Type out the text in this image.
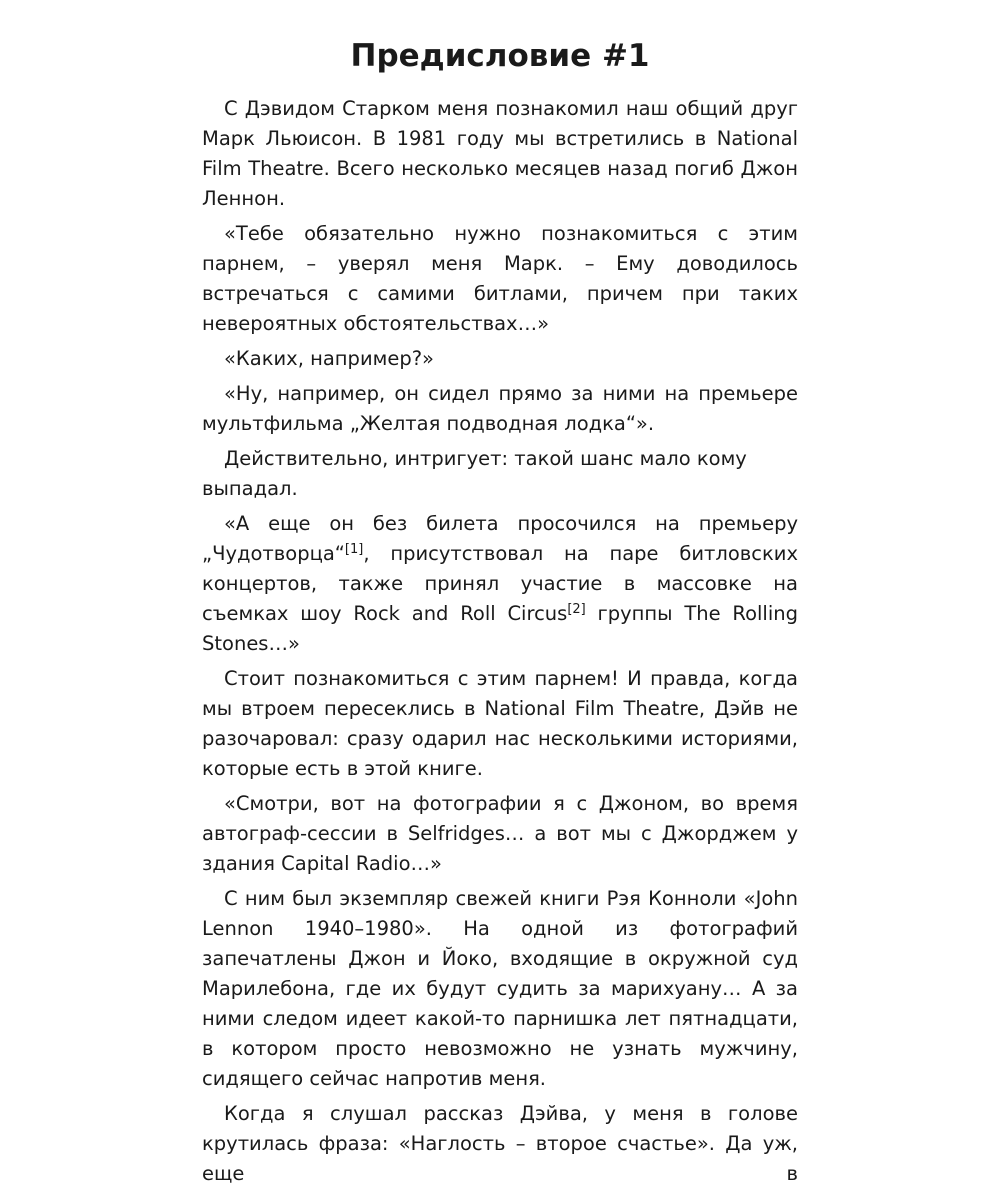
Предисловие #1

С Дэвидом Старком меня познакомил наш общий друг Марк Льюисон. В 1981 году мы встретились в National Film Theatre. Всего несколько месяцев назад погиб Джон Леннон.

«Тебе обязательно нужно познакомиться с этим парнем, – уверял меня Марк. – Ему доводилось встречаться с самими битлами, причем при таких невероятных обстоятельствах…»

«Каких, например?»

«Ну, например, он сидел прямо за ними на премьере мультфильма „Желтая подводная лодка“».

Действительно, интригует: такой шанс мало кому выпадал.

«А еще он без билета просочился на премьеру „Чудотворца“[1], присутствовал на паре битловских концертов, также принял участие в массовке на съемках шоу Rock and Roll Circus[2] группы The Rolling Stones…»

Стоит познакомиться с этим парнем! И правда, когда мы втроем пересеклись в National Film Theatre, Дэйв не разочаровал: сразу одарил нас несколькими историями, которые есть в этой книге.

«Смотри, вот на фотографии я с Джоном, во время автограф-сессии в Selfridges… а вот мы с Джорджем у здания Capital Radio…»

С ним был экземпляр свежей книги Рэя Конноли «John Lennon 1940–1980». На одной из фотографий запечатлены Джон и Йоко, входящие в окружной суд Марилебона, где их будут судить за марихуану… А за ними следом идеет какой-то парнишка лет пятнадцати, в котором просто невозможно не узнать мужчину, сидящего сейчас напротив меня.

Когда я слушал рассказ Дэйва, у меня в голове крутилась фраза: «Наглость – второе счастье». Да уж, еще в
